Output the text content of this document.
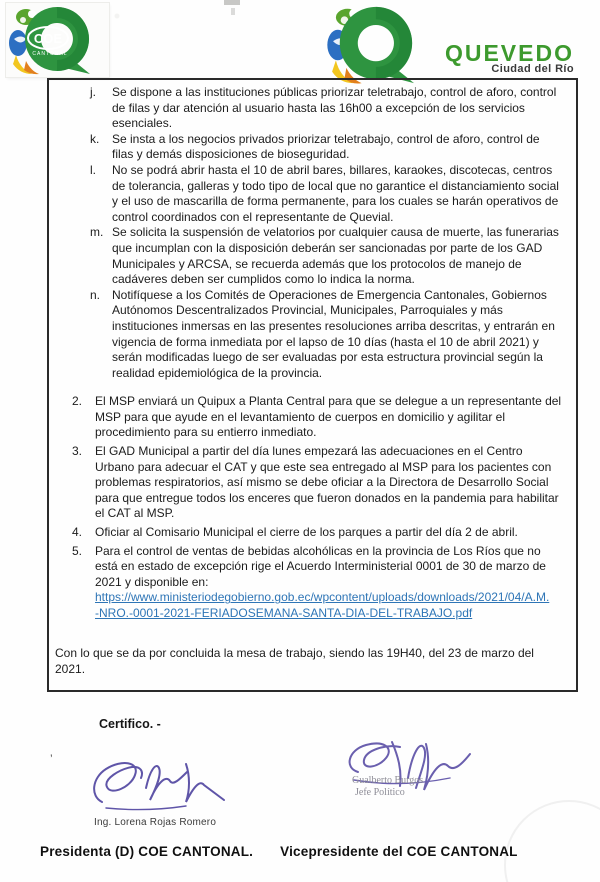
COE
CANTONAL	QUEVEDO
Ciudad del Río
j. Se dispone a las instituciones públicas priorizar teletrabajo, control de aforo, control de filas y dar atención al usuario hasta las 16h00 a excepción de los servicios esenciales.
k. Se insta a los negocios privados priorizar teletrabajo, control de aforo, control de filas y demás disposiciones de bioseguridad.
l. No se podrá abrir hasta el 10 de abril bares, billares, karaokes, discotecas, centros de tolerancia, galleras y todo tipo de local que no garantice el distanciamiento social y el uso de mascarilla de forma permanente, para los cuales se harán operativos de control coordinados con el representante de Quevial.
m. Se solicita la suspensión de velatorios por cualquier causa de muerte, las funerarias que incumplan con la disposición deberán ser sancionadas por parte de los GAD Municipales y ARCSA, se recuerda además que los protocolos de manejo de cadáveres deben ser cumplidos como lo indica la norma.
n. Notifíquese a los Comités de Operaciones de Emergencia Cantonales, Gobiernos Autónomos Descentralizados Provincial, Municipales, Parroquiales y más instituciones inmersas en las presentes resoluciones arriba descritas, y entrarán en vigencia de forma inmediata por el lapso de 10 días (hasta el 10 de abril 2021) y serán modificadas luego de ser evaluadas por esta estructura provincial según la realidad epidemiológica de la provincia.
2. El MSP enviará un Quipux a Planta Central para que se delegue a un representante del MSP para que ayude en el levantamiento de cuerpos en domicilio y agilitar el procedimiento para su entierro inmediato.
3. El GAD Municipal a partir del día lunes empezará las adecuaciones en el Centro Urbano para adecuar el CAT y que este sea entregado al MSP para los pacientes con problemas respiratorios, así mismo se debe oficiar a la Directora de Desarrollo Social para que entregue todos los enceres que fueron donados en la pandemia para habilitar el CAT al MSP.
4. Oficiar al Comisario Municipal el cierre de los parques a partir del día 2 de abril.
5. Para el control de ventas de bebidas alcohólicas en la provincia de Los Ríos que no está en estado de excepción rige el Acuerdo Interministerial 0001 de 30 de marzo de 2021 y disponible en:
https://www.ministeriodegobierno.gob.ec/wpcontent/uploads/downloads/2021/04/A.M.
-NRO.-0001-2021-FERIADOSEMANA-SANTA-DIA-DEL-TRABAJO.pdf
Con lo que se da por concluida la mesa de trabajo, siendo las 19H40, del 23 de marzo del 2021.
Certifico. -
’
Ing. Lorena Rojas Romero
Gualberto Burgos
Jefe Político
Presidenta (D) COE CANTONAL. Vicepresidente del COE CANTONAL
